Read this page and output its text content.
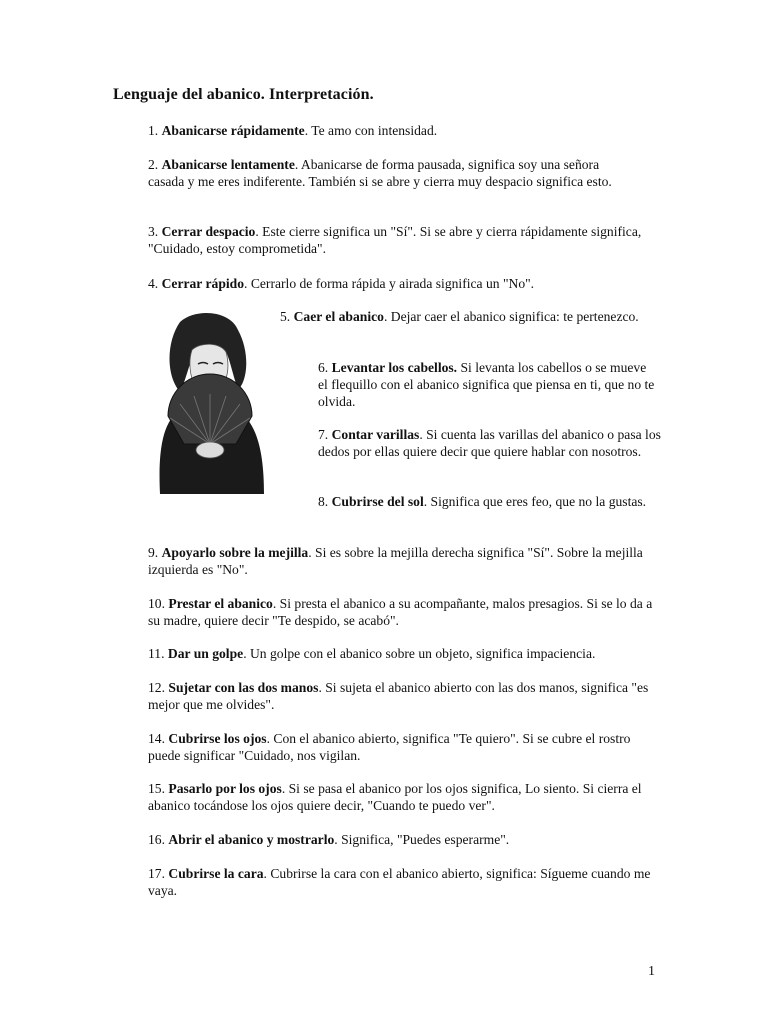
Lenguaje del abanico. Interpretación.
1. Abanicarse rápidamente. Te amo con intensidad.
2. Abanicarse lentamente. Abanicarse de forma pausada, significa soy una señora casada y me eres indiferente. También si se abre y cierra muy despacio significa esto.
3. Cerrar despacio. Este cierre significa un "Sí". Si se abre y cierra rápidamente significa, "Cuidado, estoy comprometida".
4. Cerrar rápido. Cerrarlo de forma rápida y airada significa un "No".
5. Caer el abanico. Dejar caer el abanico significa: te pertenezco.
6. Levantar los cabellos. Si levanta los cabellos o se mueve el flequillo con el abanico significa que piensa en ti, que no te olvida.
7. Contar varillas. Si cuenta las varillas del abanico o pasa los dedos por ellas quiere decir que quiere hablar con nosotros.
8. Cubrirse del sol. Significa que eres feo, que no la gustas.
9. Apoyarlo sobre la mejilla. Si es sobre la mejilla derecha significa "Sí". Sobre la mejilla izquierda es "No".
10. Prestar el abanico. Si presta el abanico a su acompañante, malos presagios. Si se lo da a su madre, quiere decir "Te despido, se acabó".
11. Dar un golpe. Un golpe con el abanico sobre un objeto, significa impaciencia.
12. Sujetar con las dos manos. Si sujeta el abanico abierto con las dos manos, significa "es mejor que me olvides".
14. Cubrirse los ojos. Con el abanico abierto, significa "Te quiero". Si se cubre el rostro puede significar "Cuidado, nos vigilan.
15. Pasarlo por los ojos. Si se pasa el abanico por los ojos significa, Lo siento. Si cierra el abanico tocándose los ojos quiere decir, "Cuando te puedo ver".
16. Abrir el abanico y mostrarlo. Significa, "Puedes esperarme".
17. Cubrirse la cara. Cubrirse la cara con el abanico abierto, significa: Sígueme cuando me vaya.
1
